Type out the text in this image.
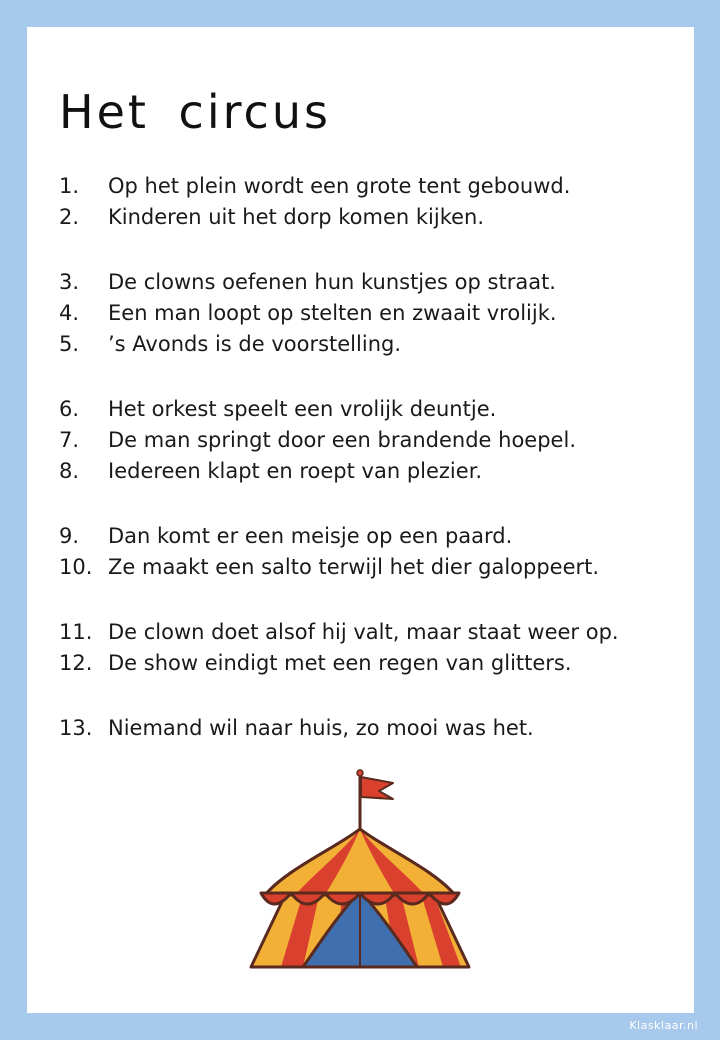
Het circus
1. Op het plein wordt een grote tent gebouwd.
2. Kinderen uit het dorp komen kijken.
3. De clowns oefenen hun kunstjes op straat.
4. Een man loopt op stelten en zwaait vrolijk.
5. ’s Avonds is de voorstelling.
6. Het orkest speelt een vrolijk deuntje.
7. De man springt door een brandende hoepel.
8. Iedereen klapt en roept van plezier.
9. Dan komt er een meisje op een paard.
10. Ze maakt een salto terwijl het dier galoppeert.
11. De clown doet alsof hij valt, maar staat weer op.
12. De show eindigt met een regen van glitters.
13. Niemand wil naar huis, zo mooi was het.
Klasklaar.nl
